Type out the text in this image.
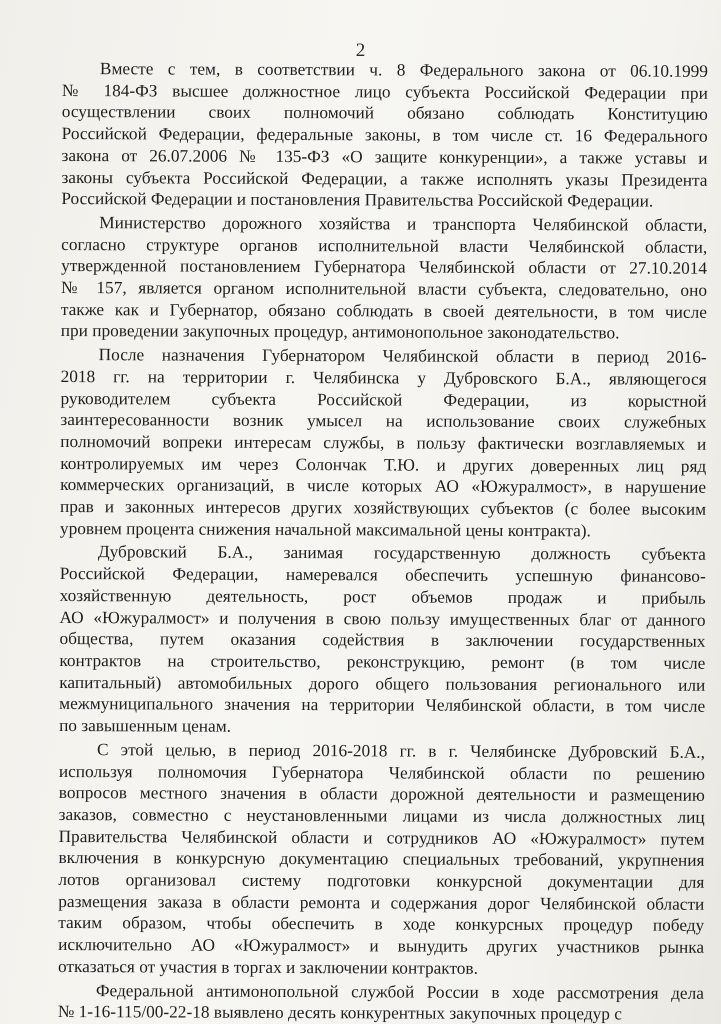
2
Вместе с тем, в соответствии ч. 8 Федерального закона от 06.10.1999
№ 184-ФЗ высшее должностное лицо субъекта Российской Федерации при
осуществлении своих полномочий обязано соблюдать Конституцию
Российской Федерации, федеральные законы, в том числе ст. 16 Федерального
закона от 26.07.2006 № 135-ФЗ «О защите конкуренции», а также уставы и
законы субъекта Российской Федерации, а также исполнять указы Президента
Российской Федерации и постановления Правительства Российской Федерации.
Министерство дорожного хозяйства и транспорта Челябинской области,
согласно структуре органов исполнительной власти Челябинской области,
утвержденной постановлением Губернатора Челябинской области от 27.10.2014
№ 157, является органом исполнительной власти субъекта, следовательно, оно
также как и Губернатор, обязано соблюдать в своей деятельности, в том числе
при проведении закупочных процедур, антимонопольное законодательство.
После назначения Губернатором Челябинской области в период 2016-
2018 гг. на территории г. Челябинска у Дубровского Б.А., являющегося
руководителем субъекта Российской Федерации, из корыстной
заинтересованности возник умысел на использование своих служебных
полномочий вопреки интересам службы, в пользу фактически возглавляемых и
контролируемых им через Солончак Т.Ю. и других доверенных лиц ряд
коммерческих организаций, в числе которых АО «Южуралмост», в нарушение
прав и законных интересов других хозяйствующих субъектов (с более высоким
уровнем процента снижения начальной максимальной цены контракта).
Дубровский Б.А., занимая государственную должность субъекта
Российской Федерации, намеревался обеспечить успешную финансово-
хозяйственную деятельность, рост объемов продаж и прибыль
АО «Южуралмост» и получения в свою пользу имущественных благ от данного
общества, путем оказания содействия в заключении государственных
контрактов на строительство, реконструкцию, ремонт (в том числе
капитальный) автомобильных дорого общего пользования регионального или
межмуниципального значения на территории Челябинской области, в том числе
по завышенным ценам.
С этой целью, в период 2016-2018 гг. в г. Челябинске Дубровский Б.А.,
используя полномочия Губернатора Челябинской области по решению
вопросов местного значения в области дорожной деятельности и размещению
заказов, совместно с неустановленными лицами из числа должностных лиц
Правительства Челябинской области и сотрудников АО «Южуралмост» путем
включения в конкурсную документацию специальных требований, укрупнения
лотов организовал систему подготовки конкурсной документации для
размещения заказа в области ремонта и содержания дорог Челябинской области
таким образом, чтобы обеспечить в ходе конкурсных процедур победу
исключительно АО «Южуралмост» и вынудить других участников рынка
отказаться от участия в торгах и заключении контрактов.
Федеральной антимонопольной службой России в ходе рассмотрения дела
№ 1-16-115/00-22-18 выявлено десять конкурентных закупочных процедур с
